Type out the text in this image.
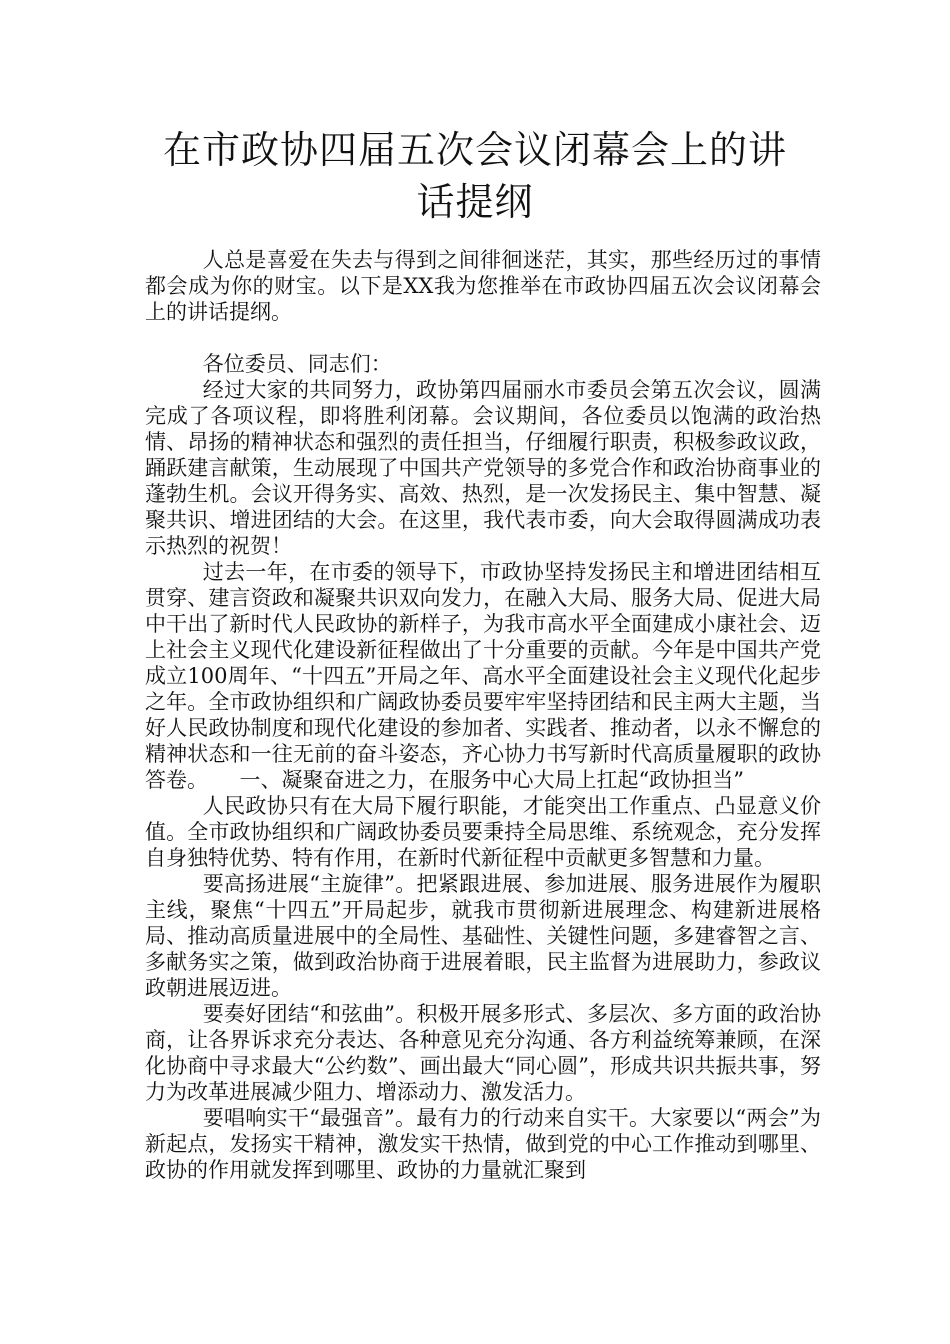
在市政协四届五次会议闭幕会上的讲话提纲

人总是喜爱在失去与得到之间徘徊迷茫，其实，那些经历过的事情都会成为你的财宝。以下是XX我为您推举在市政协四届五次会议闭幕会上的讲话提纲。

各位委员、同志们：

经过大家的共同努力，政协第四届丽水市委员会第五次会议，圆满完成了各项议程，即将胜利闭幕。会议期间，各位委员以饱满的政治热情、昂扬的精神状态和强烈的责任担当，仔细履行职责，积极参政议政，踊跃建言献策，生动展现了中国共产党领导的多党合作和政治协商事业的蓬勃生机。会议开得务实、高效、热烈，是一次发扬民主、集中智慧、凝聚共识、增进团结的大会。在这里，我代表市委，向大会取得圆满成功表示热烈的祝贺！

过去一年，在市委的领导下，市政协坚持发扬民主和增进团结相互贯穿、建言资政和凝聚共识双向发力，在融入大局、服务大局、促进大局中干出了新时代人民政协的新样子，为我市高水平全面建成小康社会、迈上社会主义现代化建设新征程做出了十分重要的贡献。今年是中国共产党成立100周年、“十四五”开局之年、高水平全面建设社会主义现代化起步之年。全市政协组织和广阔政协委员要牢牢坚持团结和民主两大主题，当好人民政协制度和现代化建设的参加者、实践者、推动者，以永不懈怠的精神状态和一往无前的奋斗姿态，齐心协力书写新时代高质量履职的政协答卷。　　一、凝聚奋进之力，在服务中心大局上扛起“政协担当”

人民政协只有在大局下履行职能，才能突出工作重点、凸显意义价值。全市政协组织和广阔政协委员要秉持全局思维、系统观念，充分发挥自身独特优势、特有作用，在新时代新征程中贡献更多智慧和力量。

要高扬进展“主旋律”。把紧跟进展、参加进展、服务进展作为履职主线，聚焦“十四五”开局起步，就我市贯彻新进展理念、构建新进展格局、推动高质量进展中的全局性、基础性、关键性问题，多建睿智之言、多献务实之策，做到政治协商于进展着眼，民主监督为进展助力，参政议政朝进展迈进。

要奏好团结“和弦曲”。积极开展多形式、多层次、多方面的政治协商，让各界诉求充分表达、各种意见充分沟通、各方利益统筹兼顾，在深化协商中寻求最大“公约数”、画出最大“同心圆”，形成共识共振共事，努力为改革进展减少阻力、增添动力、激发活力。

要唱响实干“最强音”。最有力的行动来自实干。大家要以“两会”为新起点，发扬实干精神，激发实干热情，做到党的中心工作推动到哪里、政协的作用就发挥到哪里、政协的力量就汇聚到
